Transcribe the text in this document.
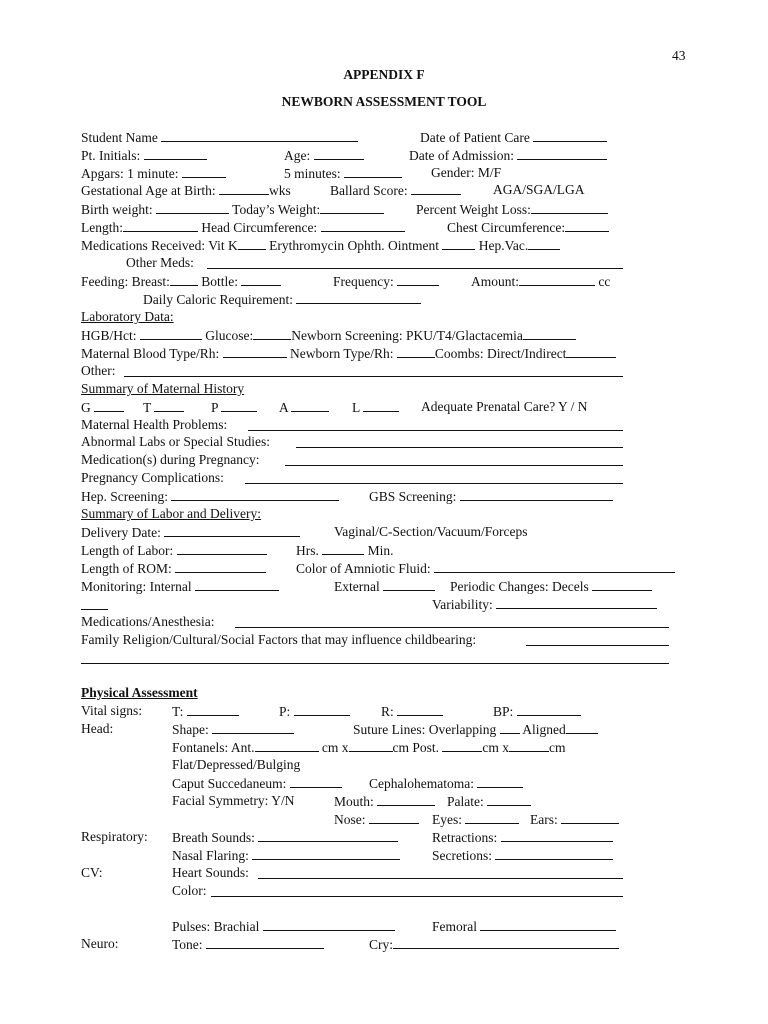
43
APPENDIX F
NEWBORN ASSESSMENT TOOL
Student Name	Date of Patient Care
Pt. Initials:	Age:	Date of Admission:
Apgars: 1 minute:	5 minutes:	Gender: M/F
Gestational Age at Birth:	wks	Ballard Score:	AGA/SGA/LGA
Birth weight:	Today’s Weight:	Percent Weight Loss:
Length:	Head Circumference:	Chest Circumference:
Medications Received: Vit K Erythromycin Ophth. Ointment	Hep.Vac.
Other Meds:
Feeding: Breast: Bottle:	Frequency:	Amount:	cc
Daily Caloric Requirement:
Laboratory Data:
HGB/Hct:	Glucose:	Newborn Screening: PKU/T4/Glactacemia
Maternal Blood Type/Rh:	Newborn Type/Rh:	Coombs: Direct/Indirect
Other:
Summary of Maternal History
G	T	P	A	L	Adequate Prenatal Care? Y / N
Maternal Health Problems:
Abnormal Labs or Special Studies:
Medication(s) during Pregnancy:
Pregnancy Complications:
Hep. Screening:	GBS Screening:
Summary of Labor and Delivery:
Delivery Date:	Vaginal/C-Section/Vacuum/Forceps
Length of Labor:	Hrs.	Min.
Length of ROM:	Color of Amniotic Fluid:
Monitoring: Internal	External	Periodic Changes: Decels
Variability:
Medications/Anesthesia:
Family Religion/Cultural/Social Factors that may influence childbearing:
Physical Assessment
Vital signs: T:	P:	R:	BP:
Head:	Shape:	Suture Lines: Overlapping Aligned
Fontanels: Ant.	cm x	cm Post.	cm x	cm
Flat/Depressed/Bulging
Caput Succedaneum:	Cephalohematoma:
Facial Symmetry: Y/N	Mouth:	Palate:
Nose:	Eyes:	Ears:
Respiratory: Breath Sounds:	Retractions:
Nasal Flaring:	Secretions:
CV:	Heart Sounds:
Color:
Pulses: Brachial	Femoral
Neuro:	Tone:	Cry:
